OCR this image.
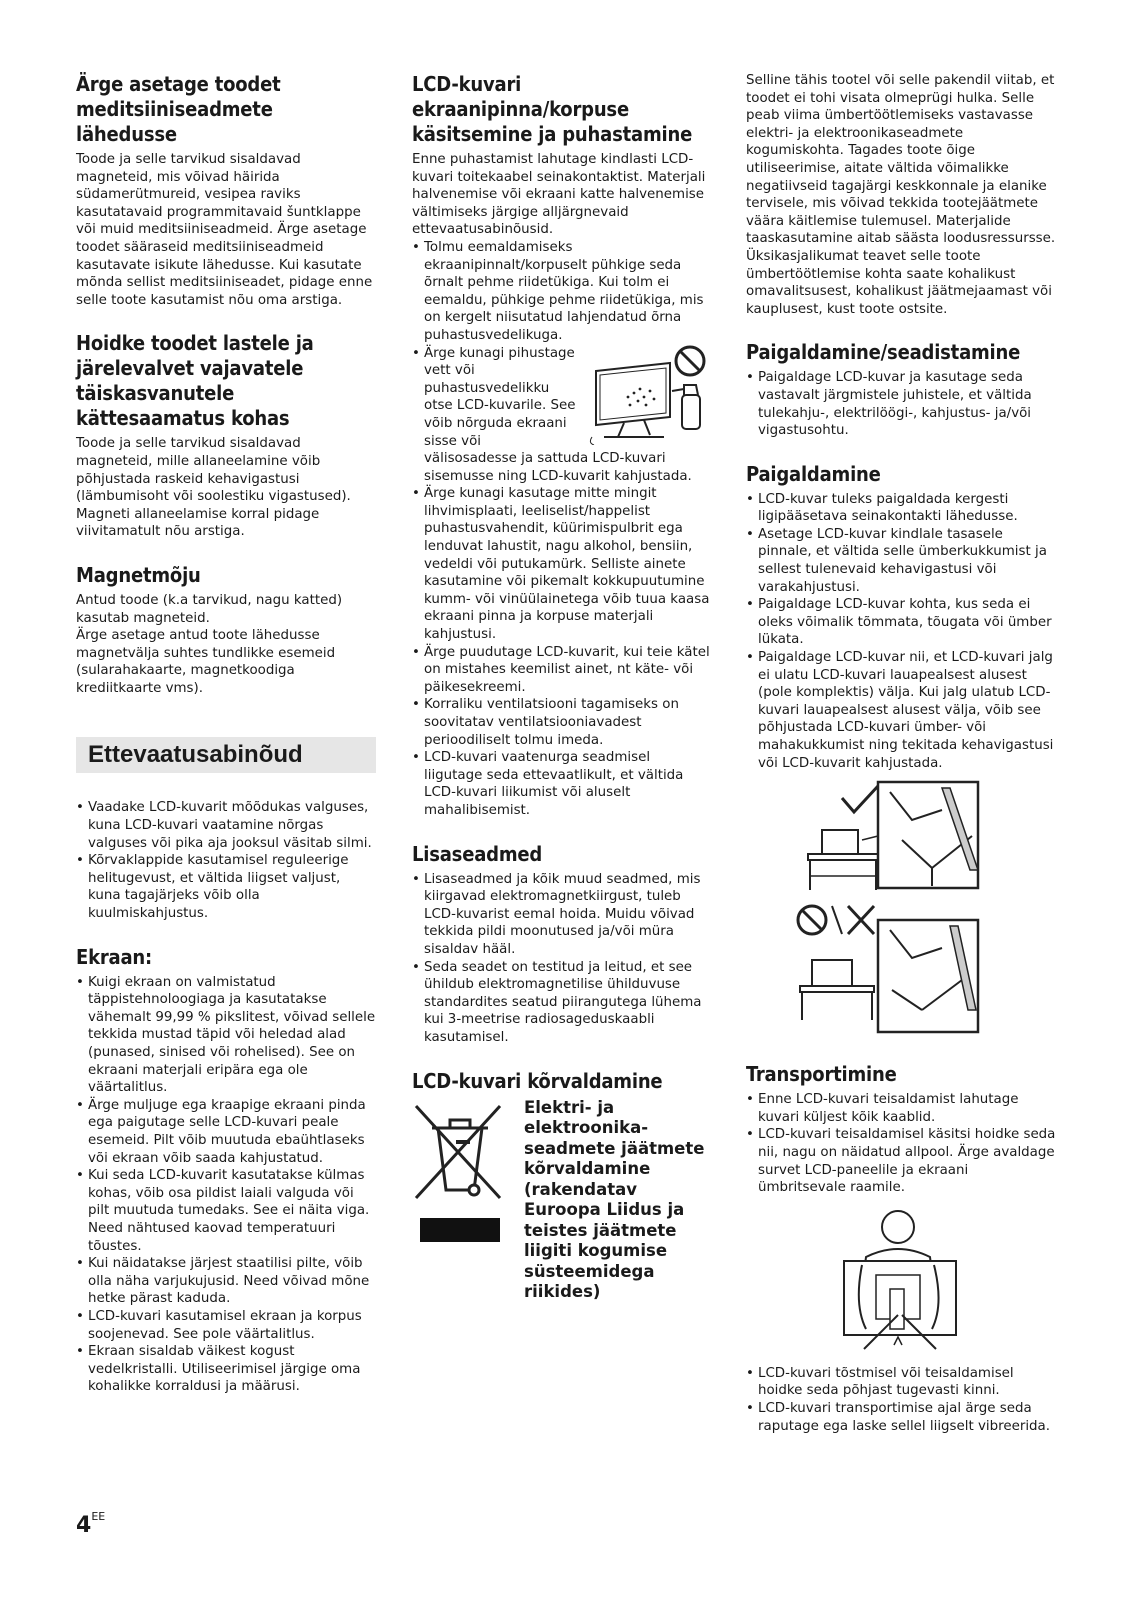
Ärge asetage toodet meditsiiniseadmete lähedusse

Toode ja selle tarvikud sisaldavad magneteid, mis võivad häirida südamerütmureid, vesipea raviks kasutatavaid programmitavaid šuntklappe või muid meditsiiniseadmeid. Ärge asetage toodet sääraseid meditsiiniseadmeid kasutavate isikute lähedusse. Kui kasutate mõnda sellist meditsiiniseadet, pidage enne selle toote kasutamist nõu oma arstiga.

Hoidke toodet lastele ja järelevalvet vajavatele täiskasvanutele kättesaamatus kohas

Toode ja selle tarvikud sisaldavad magneteid, mille allaneelamine võib põhjustada raskeid kehavigastusi (lämbumisoht või soolestiku vigastused). Magneti allaneelamise korral pidage viivitamatult nõu arstiga.

Magnetmõju

Antud toode (k.a tarvikud, nagu katted) kasutab magneteid.

Ärge asetage antud toote lähedusse magnetvälja suhtes tundlikke esemeid (sularahakaarte, magnetkoodiga krediitkaarte vms).

Ettevaatusabinõud
• Vaadake LCD-kuvarit mõõdukas valguses, kuna LCD-kuvari vaatamine nõrgas valguses või pika aja jooksul väsitab silmi.
• Kõrvaklappide kasutamisel reguleerige helitugevust, et vältida liigset valjust, kuna tagajärjeks võib olla kuulmiskahjustus.
Ekraan:
• Kuigi ekraan on valmistatud täppistehnoloogiaga ja kasutatakse vähemalt 99,99 % pikslitest, võivad sellele tekkida mustad täpid või heledad alad (punased, sinised või rohelised). See on ekraani materjali eripära ega ole väärtalitlus.
• Ärge muljuge ega kraapige ekraani pinda ega paigutage selle LCD-kuvari peale esemeid. Pilt võib muutuda ebaühtlaseks või ekraan võib saada kahjustatud.
• Kui seda LCD-kuvarit kasutatakse külmas kohas, võib osa pildist laiali valguda või pilt muutuda tumedaks. See ei näita viga. Need nähtused kaovad temperatuuri tõustes.
• Kui näidatakse järjest staatilisi pilte, võib olla näha varjukujusid. Need võivad mõne hetke pärast kaduda.
• LCD-kuvari kasutamisel ekraan ja korpus soojenevad. See pole väärtalitlus.
• Ekraan sisaldab väikest kogust vedelkristalli. Utiliseerimisel järgige oma kohalikke korraldusi ja määrusi.
LCD-kuvari ekraanipinna/korpuse käsitsemine ja puhastamine

Enne puhastamist lahutage kindlasti LCD-kuvari toitekaabel seinakontaktist. Materjali halvenemise või ekraani katte halvenemise vältimiseks järgige alljärgnevaid ettevaatusabinõusid.

• Tolmu eemaldamiseks ekraanipinnalt/korpuselt pühkige seda õrnalt pehme riidetükiga. Kui tolm ei eemaldu, pühkige pehme riidetükiga, mis on kergelt niisutatud lahjendatud õrna puhastusvedelikuga.
• Ärge kunagi pihustage vett või puhastusvedelikku otse LCD-kuvarile. See võib nõrguda ekraani sisse või välisosadesse ja sattuda LCD-kuvari sisemusse ning LCD-kuvarit kahjustada.
• Ärge kunagi kasutage mitte mingit lihvimisplaati, leeliselist/happelist puhastusvahendit, küürimispulbrit ega lenduvat lahustit, nagu alkohol, bensiin, vedeldi või putukamürk. Selliste ainete kasutamine või pikemalt kokkupuutumine kumm- või vinüülainetega võib tuua kaasa ekraani pinna ja korpuse materjali kahjustusi.
• Ärge puudutage LCD-kuvarit, kui teie kätel on mistahes keemilist ainet, nt käte- või päikesekreemi.
• Korraliku ventilatsiooni tagamiseks on soovitatav ventilatsiooniavadest perioodiliselt tolmu imeda.
• LCD-kuvari vaatenurga seadmisel liigutage seda ettevaatlikult, et vältida LCD-kuvari liikumist või aluselt mahalibisemist.
Lisaseadmed
• Lisaseadmed ja kõik muud seadmed, mis kiirgavad elektromagnetkiirgust, tuleb LCD-kuvarist eemal hoida. Muidu võivad tekkida pildi moonutused ja/või müra sisaldav hääl.
• Seda seadet on testitud ja leitud, et see ühildub elektromagnetilise ühilduvuse standardites seatud piirangutega lühema kui 3-meetrise radiosageduskaabli kasutamisel.
LCD-kuvari kõrvaldamine
Elektri- ja elektroonika-seadmete jäätmete kõrvaldamine (rakendatav Euroopa Liidus ja teistes jäätmete liigiti kogumise süsteemidega riikides)

Selline tähis tootel või selle pakendil viitab, et toodet ei tohi visata olmeprügi hulka. Selle peab viima ümbertöötlemiseks vastavasse elektri- ja elektroonikaseadmete kogumiskohta. Tagades toote õige utiliseerimise, aitate vältida võimalikke negatiivseid tagajärgi keskkonnale ja elanike tervisele, mis võivad tekkida tootejäätmete väära käitlemise tulemusel. Materjalide taaskasutamine aitab säästa loodusressursse. Üksikasjalikumat teavet selle toote ümbertöötlemise kohta saate kohalikust omavalitsusest, kohalikust jäätmejaamast või kauplusest, kust toote ostsite.

Paigaldamine/seadistamine
• Paigaldage LCD-kuvar ja kasutage seda vastavalt järgmistele juhistele, et vältida tulekahju-, elektrilöögi-, kahjustus- ja/või vigastusohtu.
Paigaldamine
• LCD-kuvar tuleks paigaldada kergesti ligipääsetava seinakontakti lähedusse.
• Asetage LCD-kuvar kindlale tasasele pinnale, et vältida selle ümberkukkumist ja sellest tulenevaid kehavigastusi või varakahjustusi.
• Paigaldage LCD-kuvar kohta, kus seda ei oleks võimalik tõmmata, tõugata või ümber lükata.
• Paigaldage LCD-kuvar nii, et LCD-kuvari jalg ei ulatu LCD-kuvari lauapealsest alusest (pole komplektis) välja. Kui jalg ulatub LCD-kuvari lauapealsest alusest välja, võib see põhjustada LCD-kuvari ümber- või mahakukkumist ning tekitada kehavigastusi või LCD-kuvarit kahjustada.
Transportimine
• Enne LCD-kuvari teisaldamist lahutage kuvari küljest kõik kaablid.
• LCD-kuvari teisaldamisel käsitsi hoidke seda nii, nagu on näidatud allpool. Ärge avaldage survet LCD-paneelile ja ekraani ümbritsevale raamile.
• LCD-kuvari tõstmisel või teisaldamisel hoidke seda põhjast tugevasti kinni.
• LCD-kuvari transportimise ajal ärge seda raputage ega laske sellel liigselt vibreerida.
$4^{EE}$
